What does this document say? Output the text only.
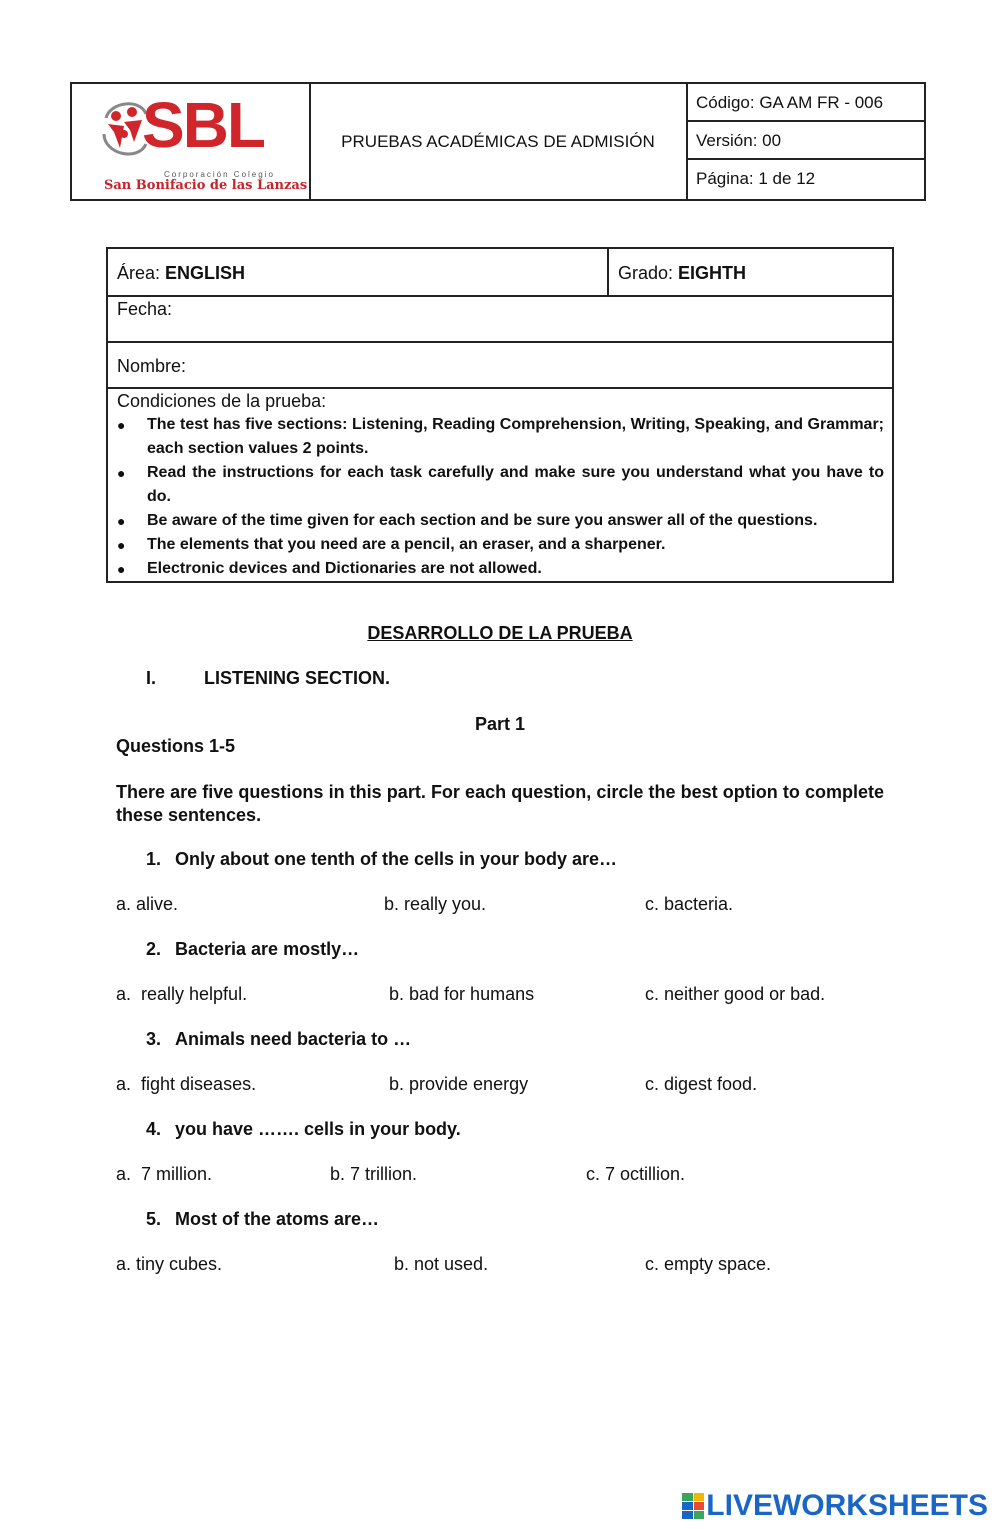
SBL
Corporación Colegio
San Bonifacio de las Lanzas
PRUEBAS ACADÉMICAS DE ADMISIÓN
Código: GA AM FR - 006
Versión: 00
Página: 1 de 12
Área: ENGLISH	Grado: EIGHTH
Fecha:
Nombre:
Condiciones de la prueba:
● The test has five sections: Listening, Reading Comprehension, Writing, Speaking, and Grammar; each section values 2 points.
● Read the instructions for each task carefully and make sure you understand what you have to do.
● Be aware of the time given for each section and be sure you answer all of the questions.
● The elements that you need are a pencil, an eraser, and a sharpener.
● Electronic devices and Dictionaries are not allowed.
DESARROLLO DE LA PRUEBA
I.	LISTENING SECTION.
Part 1
Questions 1-5
There are five questions in this part. For each question, circle the best option to complete these sentences.
1. Only about one tenth of the cells in your body are…
a. alive.	b. really you.	c. bacteria.
2. Bacteria are mostly…
a.  really helpful.	b. bad for humans	c. neither good or bad.
3. Animals need bacteria to …
a.  fight diseases.	b. provide energy	c. digest food.
4. you have ……. cells in your body.
a.  7 million.	b. 7 trillion.	c. 7 octillion.
5. Most of the atoms are…
a. tiny cubes.	b. not used.	c. empty space.
LIVEWORKSHEETS
